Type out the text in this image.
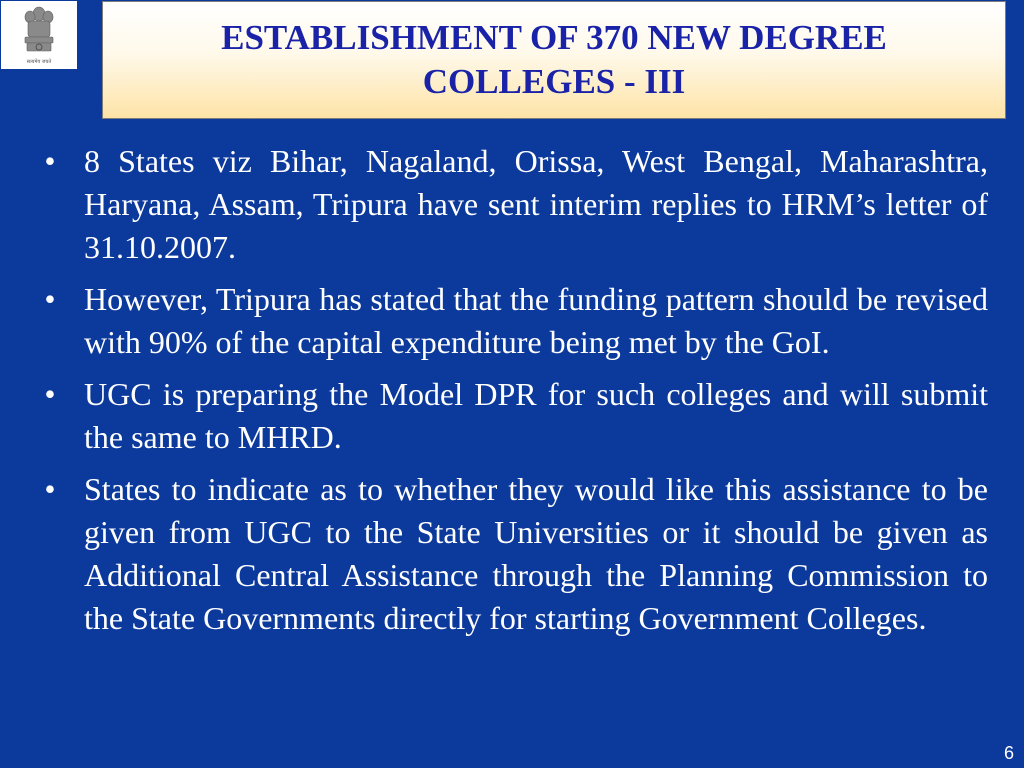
सत्यमेव जयते
ESTABLISHMENT OF 370 NEW DEGREE COLLEGES - III
• 8 States viz Bihar, Nagaland, Orissa, West Bengal, Maharashtra, Haryana, Assam, Tripura have sent interim replies to HRM’s letter of 31.10.2007.
• However, Tripura has stated that the funding pattern should be revised with 90% of the capital expenditure being met by the GoI.
• UGC is preparing the Model DPR for such colleges and will submit the same to MHRD.
• States to indicate as to whether they would like this assistance to be given from UGC to the State Universities or it should be given as Additional Central Assistance through the Planning Commission to the State Governments directly for starting Government Colleges.
6
